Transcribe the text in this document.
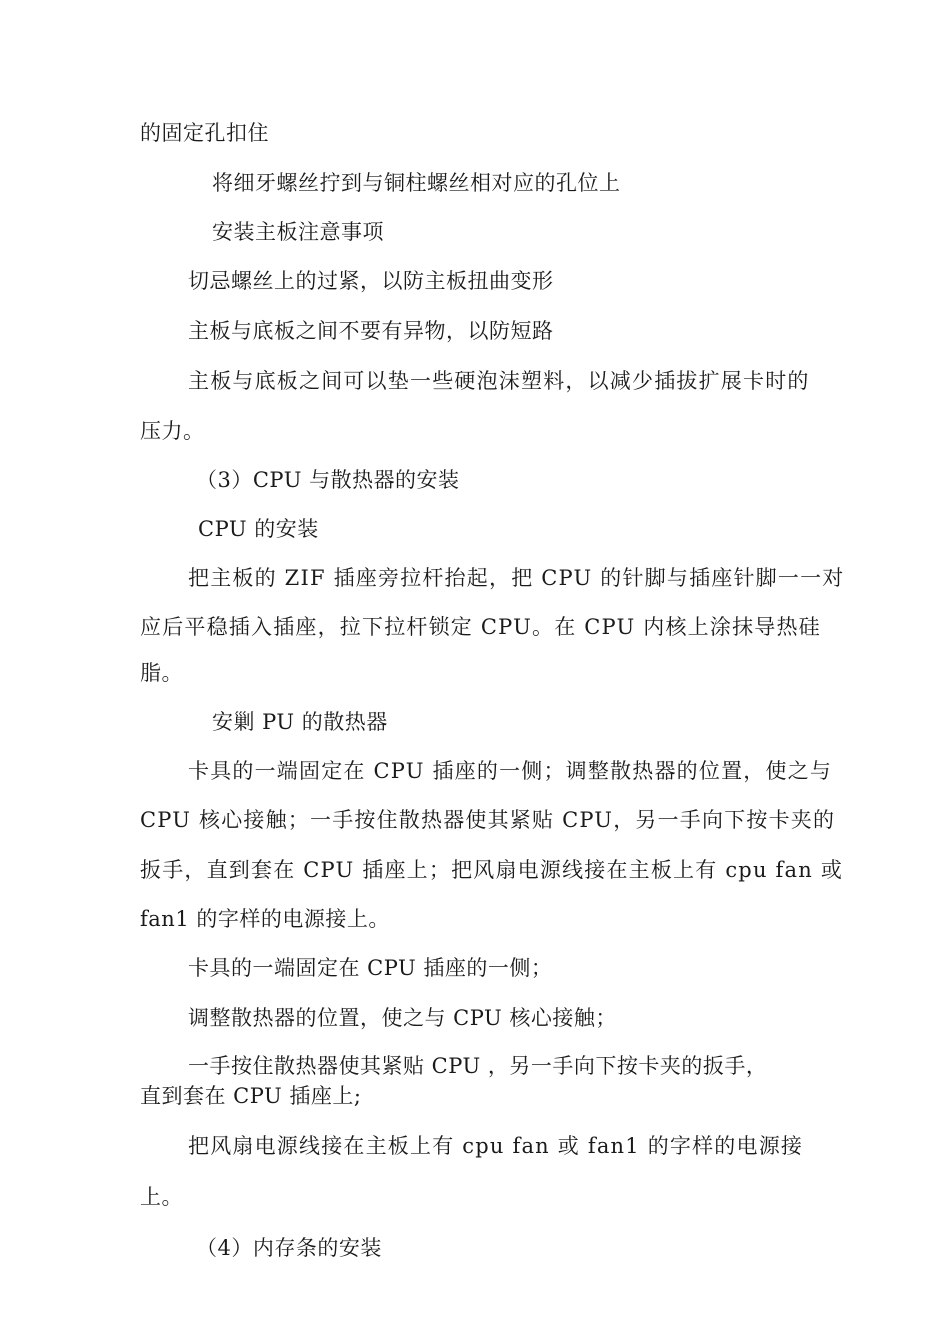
的固定孔扣住
将细牙螺丝拧到与铜柱螺丝相对应的孔位上
安装主板注意事项
切忌螺丝上的过紧，以防主板扭曲变形
主板与底板之间不要有异物，以防短路
主板与底板之间可以垫一些硬泡沫塑料，以减少插拔扩展卡时的
压力。
（3）CPU 与散热器的安装
CPU 的安装
把主板的 ZIF 插座旁拉杆抬起，把 CPU 的针脚与插座针脚一一对
应后平稳插入插座，拉下拉杆锁定 CPU。在 CPU 内核上涂抹导热硅
脂。
安剿 PU 的散热器
卡具的一端固定在 CPU 插座的一侧；调整散热器的位置，使之与
CPU 核心接触；一手按住散热器使其紧贴 CPU，另一手向下按卡夹的
扳手，直到套在 CPU 插座上；把风扇电源线接在主板上有 cpu fan 或
fan1 的字样的电源接上。
卡具的一端固定在 CPU 插座的一侧；
调整散热器的位置，使之与 CPU 核心接触；
一手按住散热器使其紧贴 CPU ，另一手向下按卡夹的扳手，
直到套在 CPU 插座上;
把风扇电源线接在主板上有 cpu fan 或 fan1 的字样的电源接
上。
（4）内存条的安装
